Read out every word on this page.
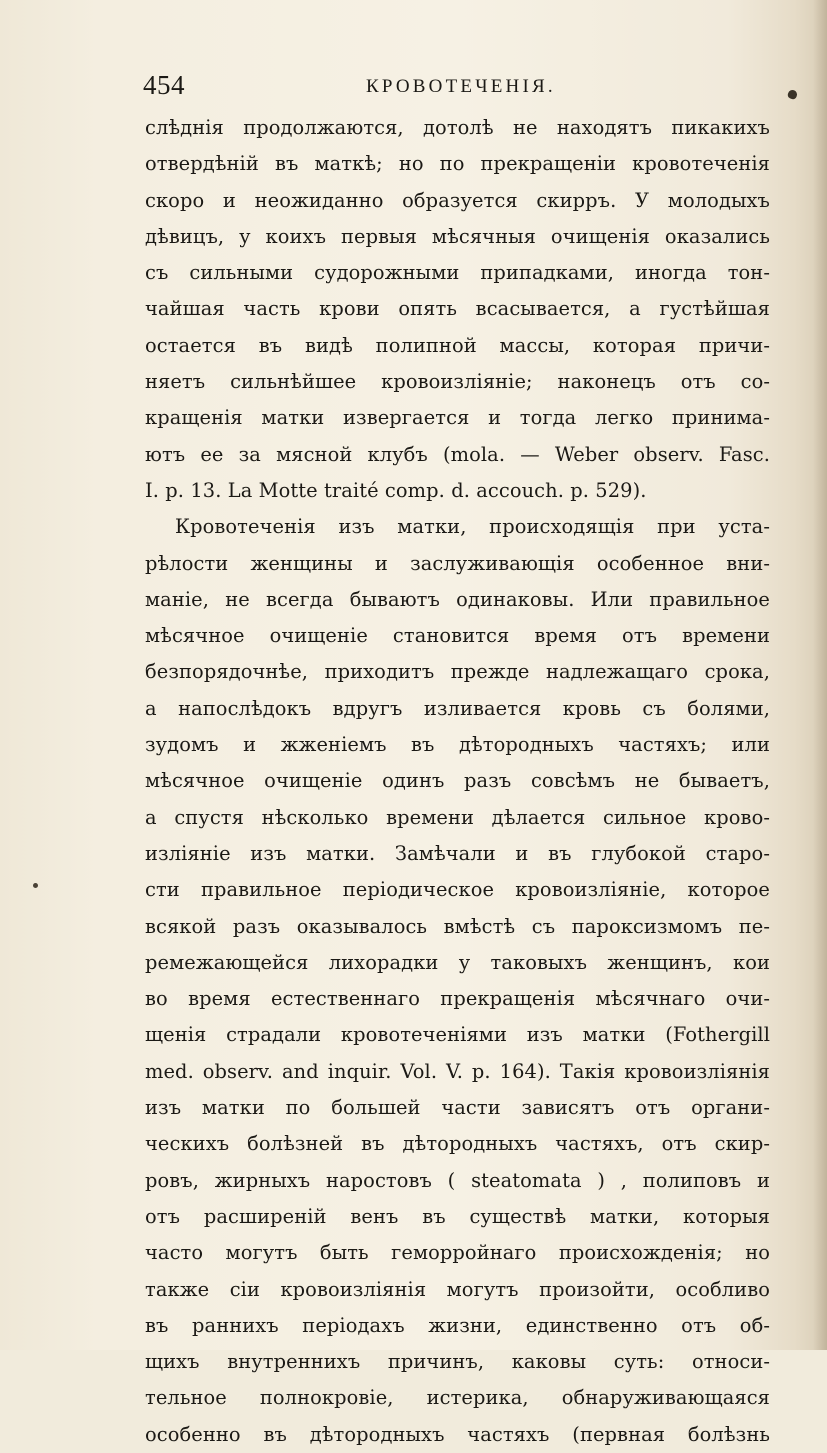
454	КРОВОТЕЧЕНІЯ.
слѣднія продолжаются, дотолѣ не находятъ пикакихъ
отвердѣній въ маткѣ; но по прекращеніи кровотеченія
скоро и неожиданно образуется скирръ. У молодыхъ
дѣвицъ, у коихъ первыя мѣсячныя очищенія оказались
съ сильными судорожными припадками, иногда тон-
чайшая часть крови опять всасывается, а густѣйшая
остается въ видѣ полипной массы, которая причи-
няетъ сильнѣйшее кровоизліяніе; наконецъ отъ со-
кращенія матки извергается и тогда легко принима-
ютъ ее за мясной клубъ (mola. — Weber observ. Fasc.
I. p. 13. La Motte traité comp. d. accouch. p. 529).
Кровотеченія изъ матки, происходящія при уста-
рѣлости женщины и заслуживающія особенное вни-
маніе, не всегда бываютъ одинаковы. Или правильное
мѣсячное очищеніе становится время отъ времени
безпорядочнѣе, приходитъ прежде надлежащаго срока,
а напослѣдокъ вдругъ изливается кровь съ болями,
зудомъ и жженіемъ въ дѣтородныхъ частяхъ; или
мѣсячное очищеніе одинъ разъ совсѣмъ не бываетъ,
а спустя нѣсколько времени дѣлается сильное крово-
изліяніе изъ матки. Замѣчали и въ глубокой старо-
сти правильное періодическое кровоизліяніе, которое
всякой разъ оказывалось вмѣстѣ съ пароксизмомъ пе-
ремежающейся лихорадки у таковыхъ женщинъ, кои
во время естественнаго прекращенія мѣсячнаго очи-
щенія страдали кровотеченіями изъ матки (Fothergill
med. observ. and inquir. Vol. V. p. 164). Такія кровоизліянія
изъ матки по большей части зависятъ отъ органи-
ческихъ болѣзней въ дѣтородныхъ частяхъ, отъ скир-
ровъ, жирныхъ наростовъ ( steatomata ) , полиповъ и
отъ расширеній венъ въ существѣ матки, которыя
часто могутъ быть геморройнаго происхожденія; но
также сіи кровоизліянія могутъ произойти, особливо
въ раннихъ періодахъ жизни, единственно отъ об-
щихъ внутреннихъ причинъ, каковы суть: относи-
тельное полнокровіе, истерика, обнаруживающаяся
особенно въ дѣтородныхъ частяхъ (первная болѣзнь
